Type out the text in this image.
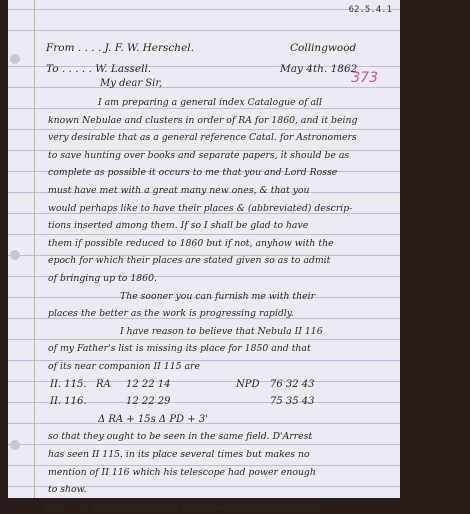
62.5.4.1
From . . . . J. F. W. Herschel.	Collingwood
To . . . . . W. Lassell.	May 4th. 1862
373
My dear Sir,
I am preparing a general index Catalogue of all
known Nebulae and clusters in order of RA for 1860, and it being
very desirable that as a general reference Catal. for Astronomers
to save hunting over books and separate papers, it should be as
complete as possible it occurs to me that you and Lord Rosse
must have met with a great many new ones, & that you
would perhaps like to have their places & (abbreviated) descrip-
tions inserted among them. If so I shall be glad to have
them if possible reduced to 1860 but if not, anyhow with the
epoch for which their places are stated given so as to admit
of bringing up to 1860.
The sooner you can furnish me with their
places the better as the work is progressing rapidly.
I have reason to believe that Nebula II 116
of my Father's list is missing its place for 1850 and that
of its near companion II 115 are
II. 115. RA 12 22 14	NPD 76 32 43
II. 116.	12 22 29	75 35 43
Δ RA + 15s Δ PD + 3'
so that they ought to be seen in the same field. D'Arrest
has seen II 115. in its place several times but makes no
mention of II 116 which his telescope had power enough
to show.
It will not be too late in the season for you to have
131.
